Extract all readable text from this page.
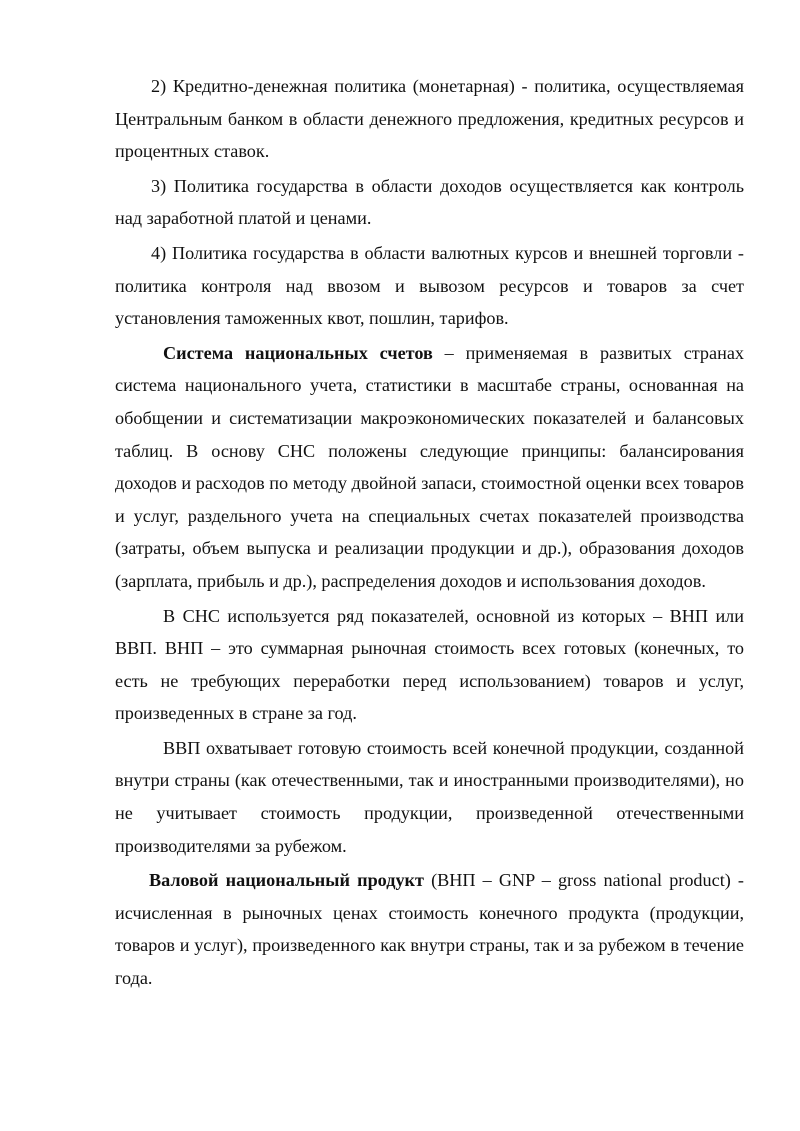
2) Кредитно-денежная политика (монетарная) - политика, осуществляемая Центральным банком в области денежного предложения, кредитных ресурсов и процентных ставок.

3) Политика государства в области доходов осуществляется как контроль над заработной платой и ценами.

4) Политика государства в области валютных курсов и внешней торговли - политика контроля над ввозом и вывозом ресурсов и товаров за счет установления таможенных квот, пошлин, тарифов.

Система национальных счетов – применяемая в развитых странах система национального учета, статистики в масштабе страны, основанная на обобщении и систематизации макроэкономических показателей и балансовых таблиц. В основу СНС положены следующие принципы: балансирования доходов и расходов по методу двойной запаси, стоимостной оценки всех товаров и услуг, раздельного учета на специальных счетах показателей производства (затраты, объем выпуска и реализации продукции и др.), образования доходов (зарплата, прибыль и др.), распределения доходов и использования доходов.

В СНС используется ряд показателей, основной из которых – ВНП или ВВП. ВНП – это суммарная рыночная стоимость всех готовых (конечных, то есть не требующих переработки перед использованием) товаров и услуг, произведенных в стране за год.

ВВП охватывает готовую стоимость всей конечной продукции, созданной внутри страны (как отечественными, так и иностранными производителями), но не учитывает стоимость продукции, произведенной отечественными производителями за рубежом.

Валовой национальный продукт (ВНП – GNP – gross national product) - исчисленная в рыночных ценах стоимость конечного продукта (продукции, товаров и услуг), произведенного как внутри страны, так и за рубежом в течение года.
